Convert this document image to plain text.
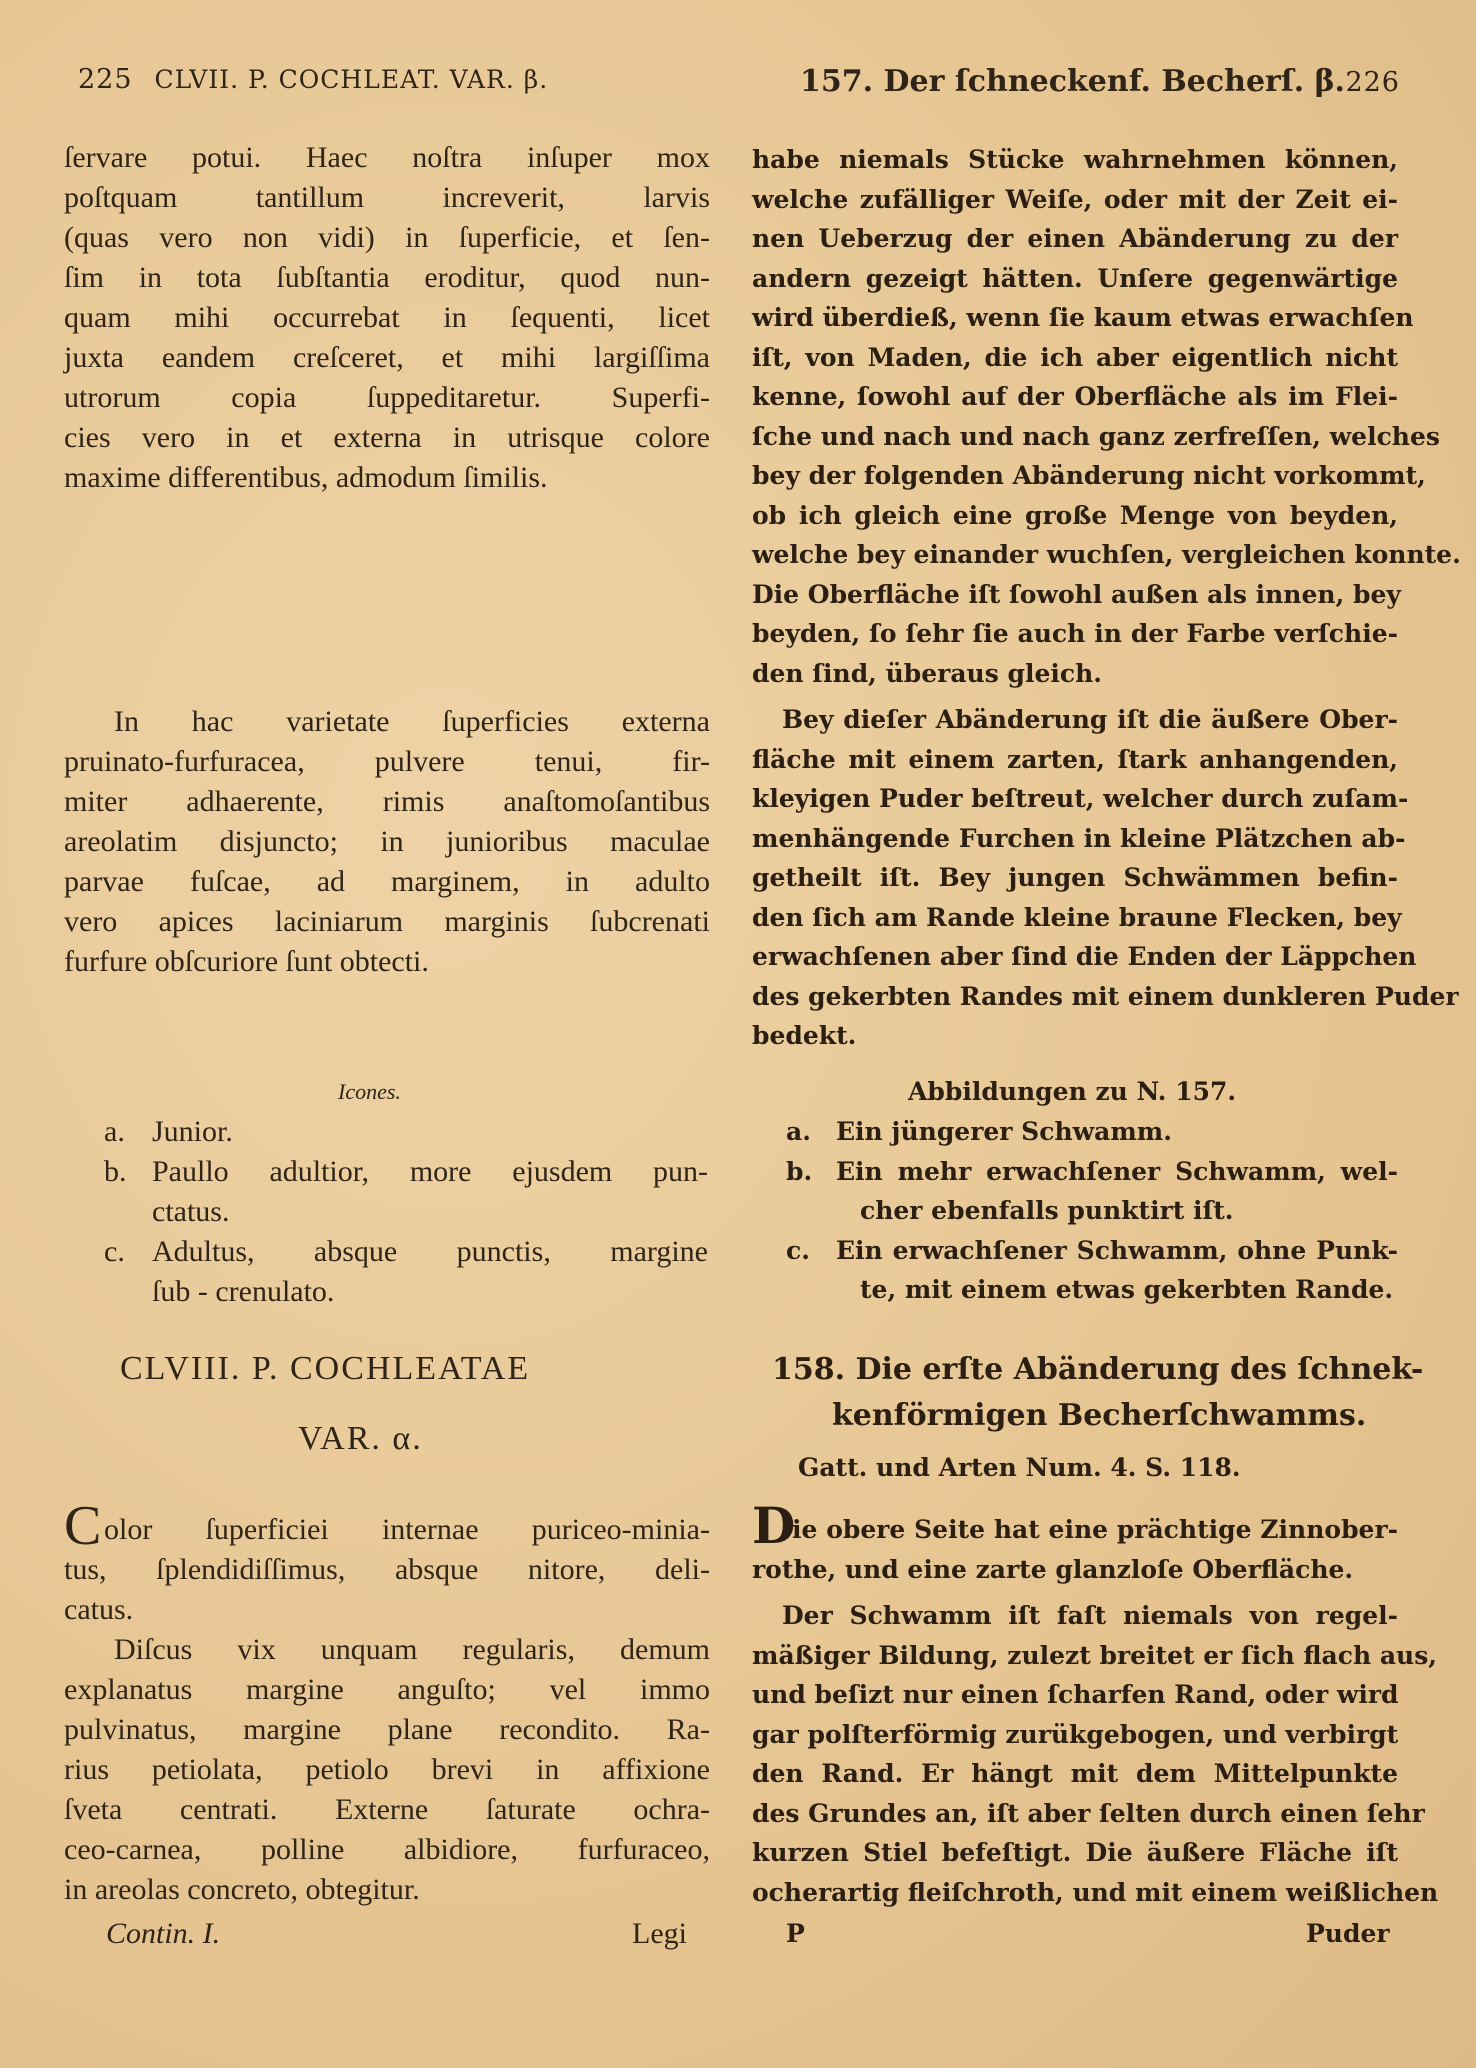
225 CLVII. P. COCHLEAT. VAR. β.	157. Der ſchneckenf. Becherſ. β. 226
ſervare potui. Haec noſtra inſuper mox
poſtquam tantillum increverit, larvis
(quas vero non vidi) in ſuperficie, et ſen-
ſim in tota ſubſtantia eroditur, quod nun-
quam mihi occurrebat in ſequenti, licet
juxta eandem creſceret, et mihi largiſſima
utrorum copia ſuppeditaretur. Superfi-
cies vero in et externa in utrisque colore
maxime differentibus, admodum ſimilis.
In hac varietate ſuperficies externa
pruinato-furfuracea, pulvere tenui, fir-
miter adhaerente, rimis anaſtomoſantibus
areolatim disjuncto; in junioribus maculae
parvae fuſcae, ad marginem, in adulto
vero apices laciniarum marginis ſubcrenati
furfure obſcuriore ſunt obtecti.
Icones.
a. Junior.
b. Paullo adultior, more ejusdem pun-
ctatus.
c. Adultus, absque punctis, margine
ſub - crenulato.
CLVIII. P. COCHLEATAE
VAR. α.
C olor ſuperficiei internae puriceo-minia-
tus, ſplendidiſſimus, absque nitore, deli-
catus.
Diſcus vix unquam regularis, demum
explanatus margine anguſto; vel immo
pulvinatus, margine plane recondito. Ra-
rius petiolata, petiolo brevi in affixione
ſveta centrati. Externe ſaturate ochra-
ceo-carnea, polline albidiore, furfuraceo,
in areolas concreto, obtegitur.
Contin. I.	Legi
habe niemals Stücke wahrnehmen können,
welche zufälliger Weiſe, oder mit der Zeit ei-
nen Ueberzug der einen Abänderung zu der
andern gezeigt hätten. Unſere gegenwärtige
wird überdieß, wenn ſie kaum etwas erwachſen
iſt, von Maden, die ich aber eigentlich nicht
kenne, ſowohl auf der Oberfläche als im Flei-
ſche und nach und nach ganz zerfreſſen, welches
bey der folgenden Abänderung nicht vorkommt,
ob ich gleich eine große Menge von beyden,
welche bey einander wuchſen, vergleichen konnte.
Die Oberfläche iſt ſowohl außen als innen, bey
beyden, ſo ſehr ſie auch in der Farbe verſchie-
den ſind, überaus gleich.
Bey dieſer Abänderung iſt die äußere Ober-
fläche mit einem zarten, ſtark anhangenden,
kleyigen Puder beſtreut, welcher durch zuſam-
menhängende Furchen in kleine Plätzchen ab-
getheilt iſt. Bey jungen Schwämmen befin-
den ſich am Rande kleine braune Flecken, bey
erwachſenen aber ſind die Enden der Läppchen
des gekerbten Randes mit einem dunkleren Puder
bedekt.
Abbildungen zu N. 157.
a. Ein jüngerer Schwamm.
b. Ein mehr erwachſener Schwamm, wel-
cher ebenfalls punktirt iſt.
c. Ein erwachſener Schwamm, ohne Punk-
te, mit einem etwas gekerbten Rande.
158. Die erſte Abänderung des ſchnek-
kenförmigen Becherſchwamms.
Gatt. und Arten Num. 4. S. 118.
D
ie obere Seite hat eine prächtige Zinnober-
rothe, und eine zarte glanzloſe Oberfläche.
Der Schwamm iſt faſt niemals von regel-
mäßiger Bildung, zulezt breitet er ſich flach aus,
und beſizt nur einen ſcharfen Rand, oder wird
gar polſterförmig zurükgebogen, und verbirgt
den Rand. Er hängt mit dem Mittelpunkte
des Grundes an, iſt aber ſelten durch einen ſehr
kurzen Stiel befeſtigt. Die äußere Fläche iſt
ocherartig fleiſchroth, und mit einem weißlichen
P	Puder
